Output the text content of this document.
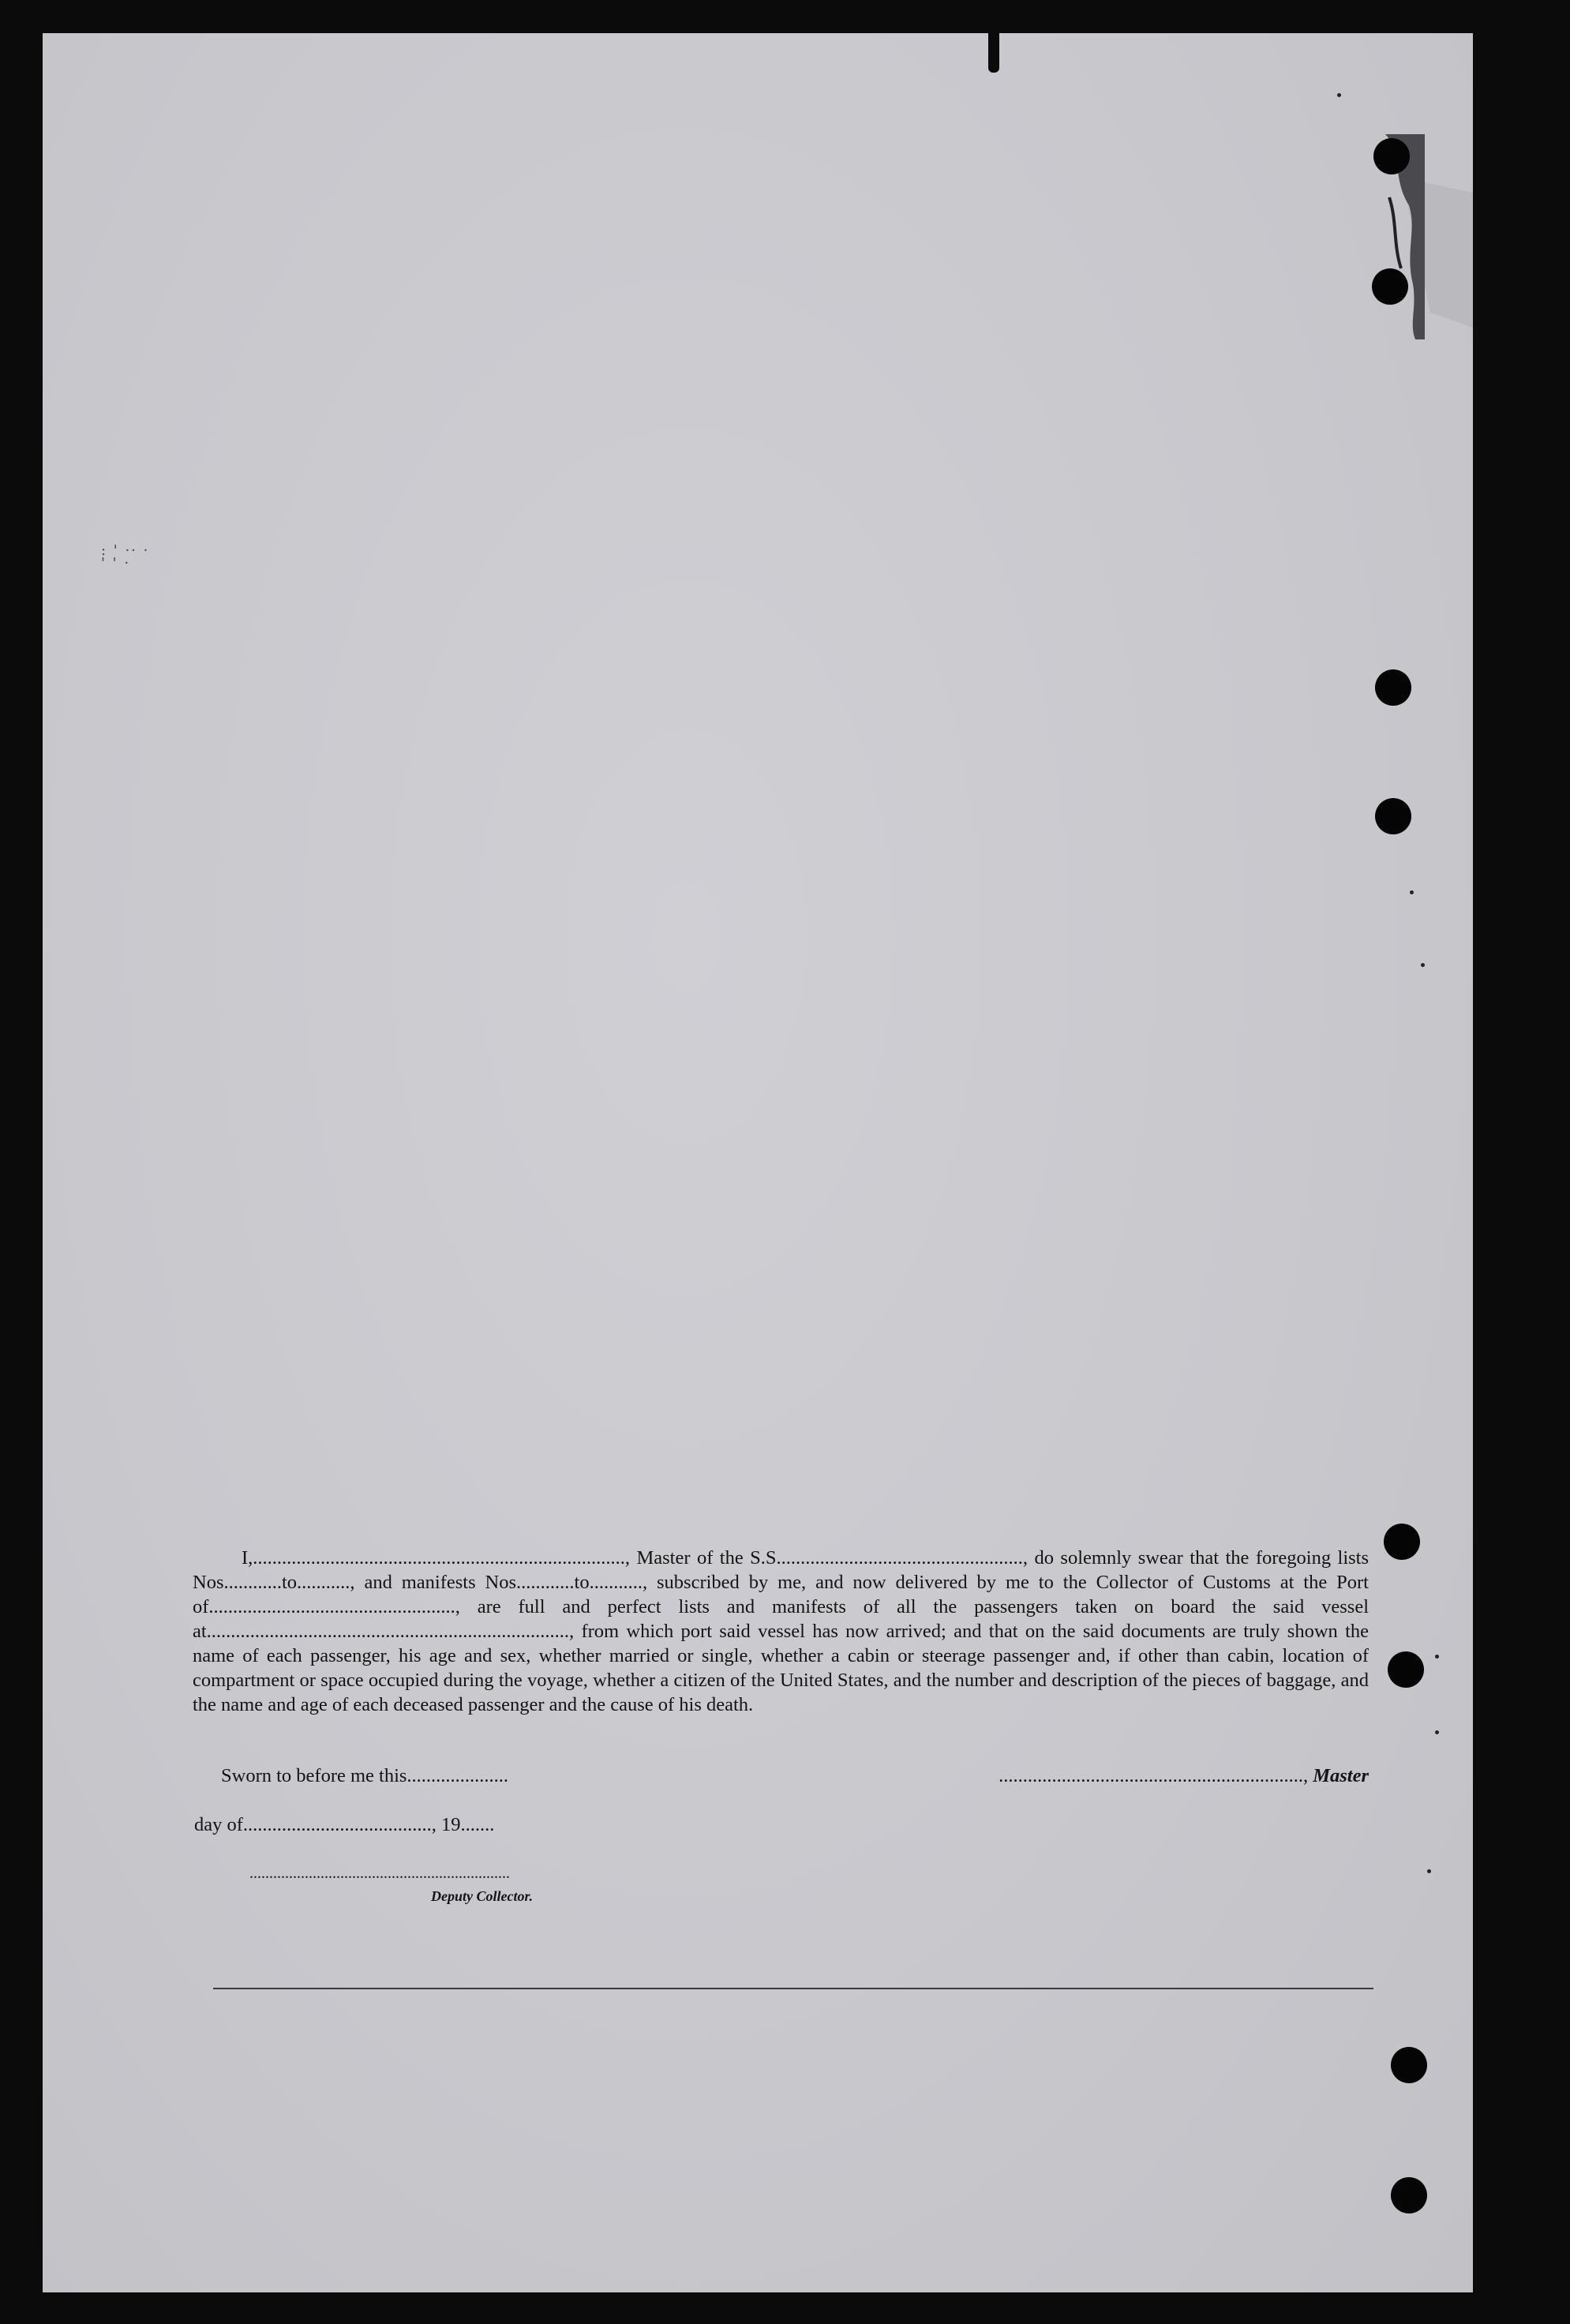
: ' ·· ·
' ' ·

I,............................................................................., Master of the S.S..................................................., do solemnly swear that the foregoing lists Nos............to..........., and manifests Nos............to..........., subscribed by me, and now delivered by me to the Collector of Customs at the Port of..................................................., are full and perfect lists and manifests of all the passengers taken on board the said vessel at..........................................................................., from which port said vessel has now arrived; and that on the said documents are truly shown the name of each passenger, his age and sex, whether married or single, whether a cabin or steerage passenger and, if other than cabin, location of compartment or space occupied during the voyage, whether a citizen of the United States, and the number and description of the pieces of baggage, and the name and age of each deceased passenger and the cause of his death.

Sworn to before me this.....................	..............................................................., Master
day of......................................., 19.......
..................................................................
Deputy Collector.
